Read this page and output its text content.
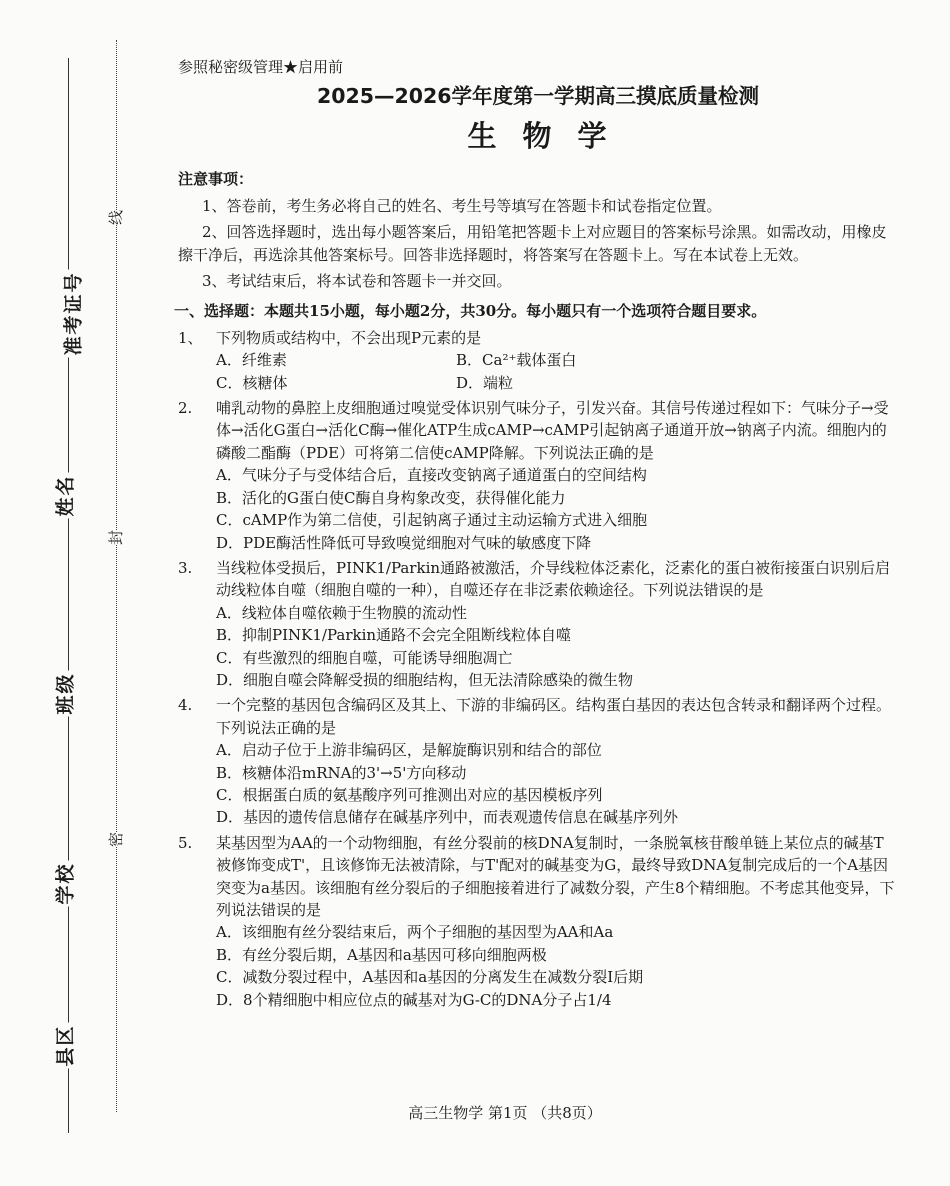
准考证号
姓名
班级
学校
县区
线
封
密
参照秘密级管理★启用前
2025—2026学年度第一学期高三摸底质量检测
生物学
注意事项：
1、答卷前，考生务必将自己的姓名、考生号等填写在答题卡和试卷指定位置。
2、回答选择题时，选出每小题答案后，用铅笔把答题卡上对应题目的答案标号涂黑。如需改动，用橡皮擦干净后，再选涂其他答案标号。回答非选择题时，将答案写在答题卡上。写在本试卷上无效。
3、考试结束后，将本试卷和答题卡一并交回。
一、选择题：本题共15小题，每小题2分，共30分。每小题只有一个选项符合题目要求。
1、 下列物质或结构中，不会出现P元素的是
A．纤维素	B．Ca²⁺载体蛋白
C．核糖体	D．端粒
2. 哺乳动物的鼻腔上皮细胞通过嗅觉受体识别气味分子，引发兴奋。其信号传递过程如下：气味分子→受体→活化G蛋白→活化C酶→催化ATP生成cAMP→cAMP引起钠离子通道开放→钠离子内流。细胞内的磷酸二酯酶（PDE）可将第二信使cAMP降解。下列说法正确的是
A．气味分子与受体结合后，直接改变钠离子通道蛋白的空间结构
B．活化的G蛋白使C酶自身构象改变，获得催化能力
C．cAMP作为第二信使，引起钠离子通过主动运输方式进入细胞
D．PDE酶活性降低可导致嗅觉细胞对气味的敏感度下降
3. 当线粒体受损后，PINK1/Parkin通路被激活，介导线粒体泛素化，泛素化的蛋白被衔接蛋白识别后启动线粒体自噬（细胞自噬的一种），自噬还存在非泛素依赖途径。下列说法错误的是
A．线粒体自噬依赖于生物膜的流动性
B．抑制PINK1/Parkin通路不会完全阻断线粒体自噬
C．有些激烈的细胞自噬，可能诱导细胞凋亡
D．细胞自噬会降解受损的细胞结构，但无法清除感染的微生物
4. 一个完整的基因包含编码区及其上、下游的非编码区。结构蛋白基因的表达包含转录和翻译两个过程。下列说法正确的是
A．启动子位于上游非编码区，是解旋酶识别和结合的部位
B．核糖体沿mRNA的3'→5'方向移动
C．根据蛋白质的氨基酸序列可推测出对应的基因模板序列
D．基因的遗传信息储存在碱基序列中，而表观遗传信息在碱基序列外
5. 某基因型为AA的一个动物细胞，有丝分裂前的核DNA复制时，一条脱氧核苷酸单链上某位点的碱基T被修饰变成T'，且该修饰无法被清除，与T'配对的碱基变为G，最终导致DNA复制完成后的一个A基因突变为a基因。该细胞有丝分裂后的子细胞接着进行了减数分裂，产生8个精细胞。不考虑其他变异，下列说法错误的是
A．该细胞有丝分裂结束后，两个子细胞的基因型为AA和Aa
B．有丝分裂后期，A基因和a基因可移向细胞两极
C．减数分裂过程中，A基因和a基因的分离发生在减数分裂Ⅰ后期
D．8个精细胞中相应位点的碱基对为G-C的DNA分子占1/4
高三生物学 第1页 （共8页）
